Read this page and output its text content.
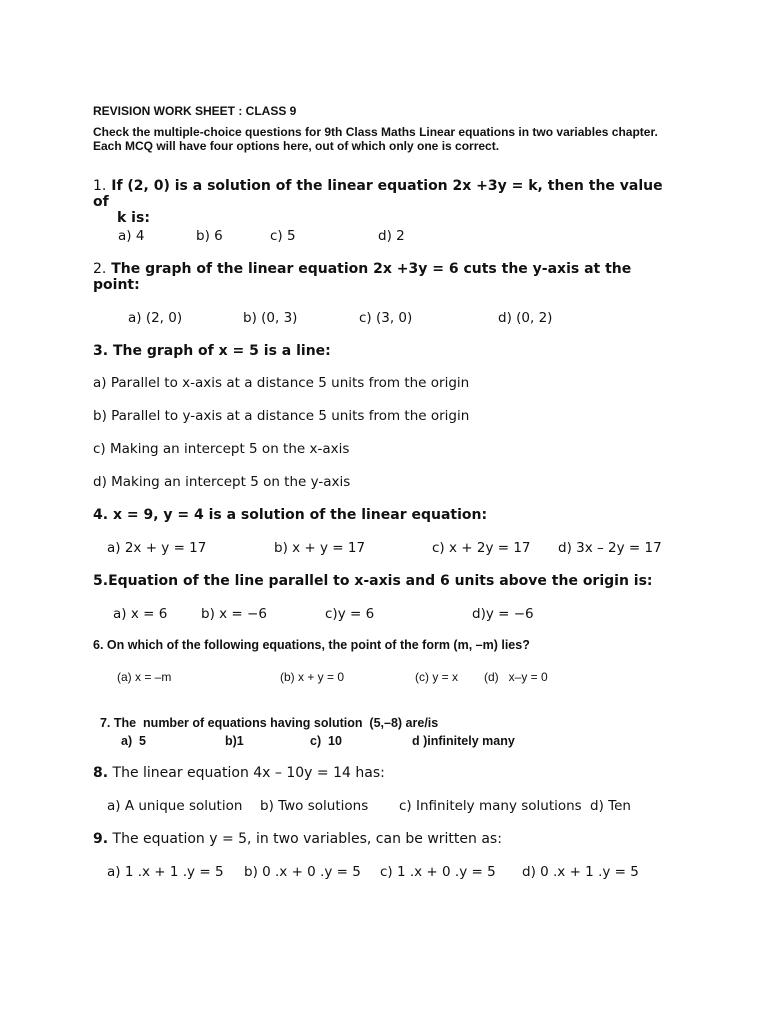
REVISION WORK SHEET : CLASS 9
Check the multiple-choice questions for 9th Class Maths Linear equations in two variables chapter.
Each MCQ will have four options here, out of which only one is correct.
1. If (2, 0) is a solution of the linear equation 2x +3y = k, then the value
of
k is:
a) 4	b) 6	c) 5	d) 2
2. The graph of the linear equation 2x +3y = 6 cuts the y-axis at the
point:
a) (2, 0)	b) (0, 3)	c) (3, 0)	d) (0, 2)
3. The graph of x = 5 is a line:
a) Parallel to x-axis at a distance 5 units from the origin
b) Parallel to y-axis at a distance 5 units from the origin
c) Making an intercept 5 on the x-axis
d) Making an intercept 5 on the y-axis
4. x = 9, y = 4 is a solution of the linear equation:
a) 2x + y = 17	b) x + y = 17	c) x + 2y = 17 d) 3x – 2y = 17
5.Equation of the line parallel to x-axis and 6 units above the origin is:
a) x = 6 b) x = −6	c)y = 6	d)y = −6
6. On which of the following equations, the point of the form (m, –m) lies?
(a) x = –m	(b) x + y = 0	(c) y = x (d)   x–y = 0

7. The  number of equations having solution  (5,–8) are/is

a)  5	b)1	c)  10	d )infinitely many
8. The linear equation 4x – 10y = 14 has:
a) A unique solution b) Two solutions c) Infinitely many solutions d) Ten
9. The equation y = 5, in two variables, can be written as:
a) 1 .x + 1 .y = 5 b) 0 .x + 0 .y = 5 c) 1 .x + 0 .y = 5 d) 0 .x + 1 .y = 5
